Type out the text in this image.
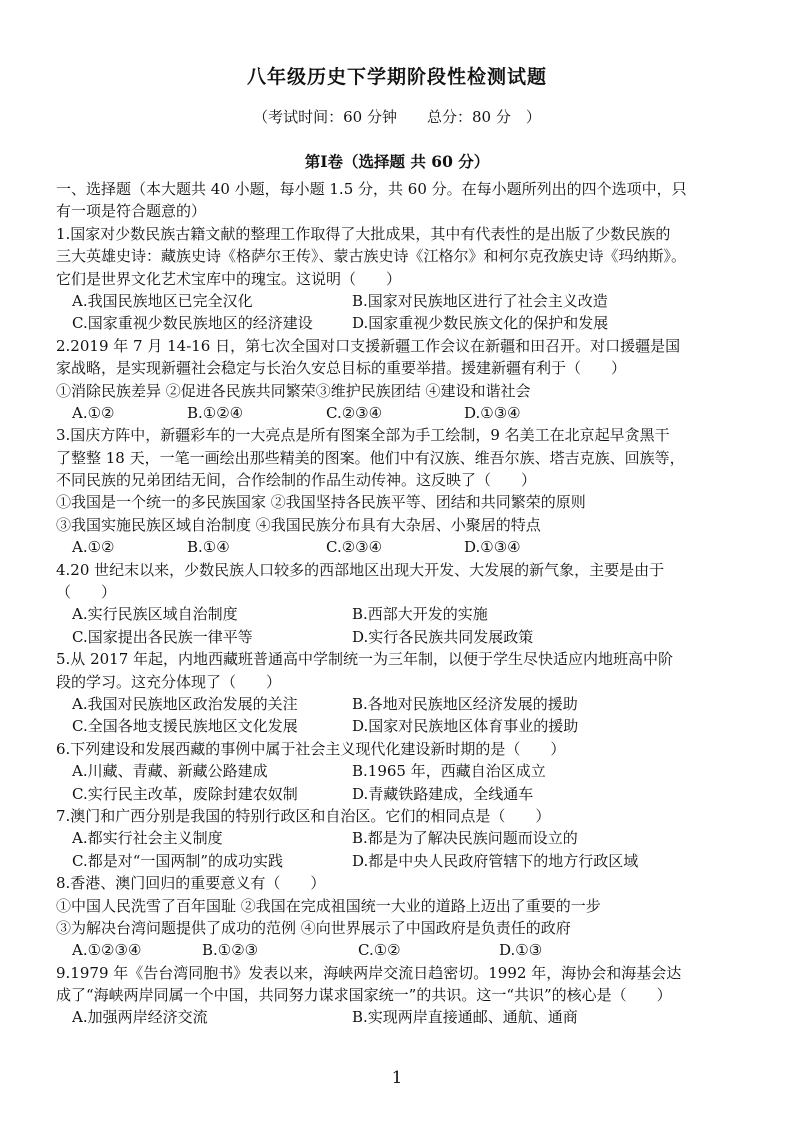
八年级历史下学期阶段性检测试题
（考试时间：60 分钟　　总分：80 分　）
第Ⅰ卷（选择题 共 60 分）
一、选择题（本大题共 40 小题，每小题 1.5 分，共 60 分。在每小题所列出的四个选项中，只
有一项是符合题意的）
1.国家对少数民族古籍文献的整理工作取得了大批成果，其中有代表性的是出版了少数民族的
三大英雄史诗：藏族史诗《格萨尔王传》、蒙古族史诗《江格尔》和柯尔克孜族史诗《玛纳斯》。
它们是世界文化艺术宝库中的瑰宝。这说明（　　）
A.我国民族地区已完全汉化	B.国家对民族地区进行了社会主义改造
C.国家重视少数民族地区的经济建设	D.国家重视少数民族文化的保护和发展
2.2019 年 7 月 14-16 日，第七次全国对口支援新疆工作会议在新疆和田召开。对口援疆是国
家战略，是实现新疆社会稳定与长治久安总目标的重要举措。援建新疆有利于（　　）
①消除民族差异 ②促进各民族共同繁荣③维护民族团结 ④建设和谐社会
A.①②	B.①②④	C.②③④	D.①③④
3.国庆方阵中，新疆彩车的一大亮点是所有图案全部为手工绘制，9 名美工在北京起早贪黑干
了整整 18 天，一笔一画绘出那些精美的图案。他们中有汉族、维吾尔族、塔吉克族、回族等，
不同民族的兄弟团结无间，合作绘制的作品生动传神。这反映了（　　）
①我国是一个统一的多民族国家 ②我国坚持各民族平等、团结和共同繁荣的原则
③我国实施民族区域自治制度 ④我国民族分布具有大杂居、小聚居的特点
A.①②	B.①④	C.②③④	D.①③④
4.20 世纪末以来，少数民族人口较多的西部地区出现大开发、大发展的新气象，主要是由于
（　　）
A.实行民族区域自治制度	B.西部大开发的实施
C.国家提出各民族一律平等	D.实行各民族共同发展政策
5.从 2017 年起，内地西藏班普通高中学制统一为三年制，以便于学生尽快适应内地班高中阶
段的学习。这充分体现了（　　）
A.我国对民族地区政治发展的关注	B.各地对民族地区经济发展的援助
C.全国各地支援民族地区文化发展	D.国家对民族地区体育事业的援助
6.下列建设和发展西藏的事例中属于社会主义现代化建设新时期的是（　　）
A.川藏、青藏、新藏公路建成	B.1965 年，西藏自治区成立
C.实行民主改革，废除封建农奴制	D.青藏铁路建成，全线通车
7.澳门和广西分别是我国的特别行政区和自治区。它们的相同点是（　　）
A.都实行社会主义制度	B.都是为了解决民族问题而设立的
C.都是对“一国两制”的成功实践	D.都是中央人民政府管辖下的地方行政区域
8.香港、澳门回归的重要意义有（　　）
①中国人民洗雪了百年国耻 ②我国在完成祖国统一大业的道路上迈出了重要的一步
③为解决台湾问题提供了成功的范例 ④向世界展示了中国政府是负责任的政府
A.①②③④	B.①②③	C.①②	D.①③
9.1979 年《告台湾同胞书》发表以来，海峡两岸交流日趋密切。1992 年，海协会和海基会达
成了“海峡两岸同属一个中国，共同努力谋求国家统一”的共识。这一“共识”的核心是（　　）
A.加强两岸经济交流	B.实现两岸直接通邮、通航、通商
1
